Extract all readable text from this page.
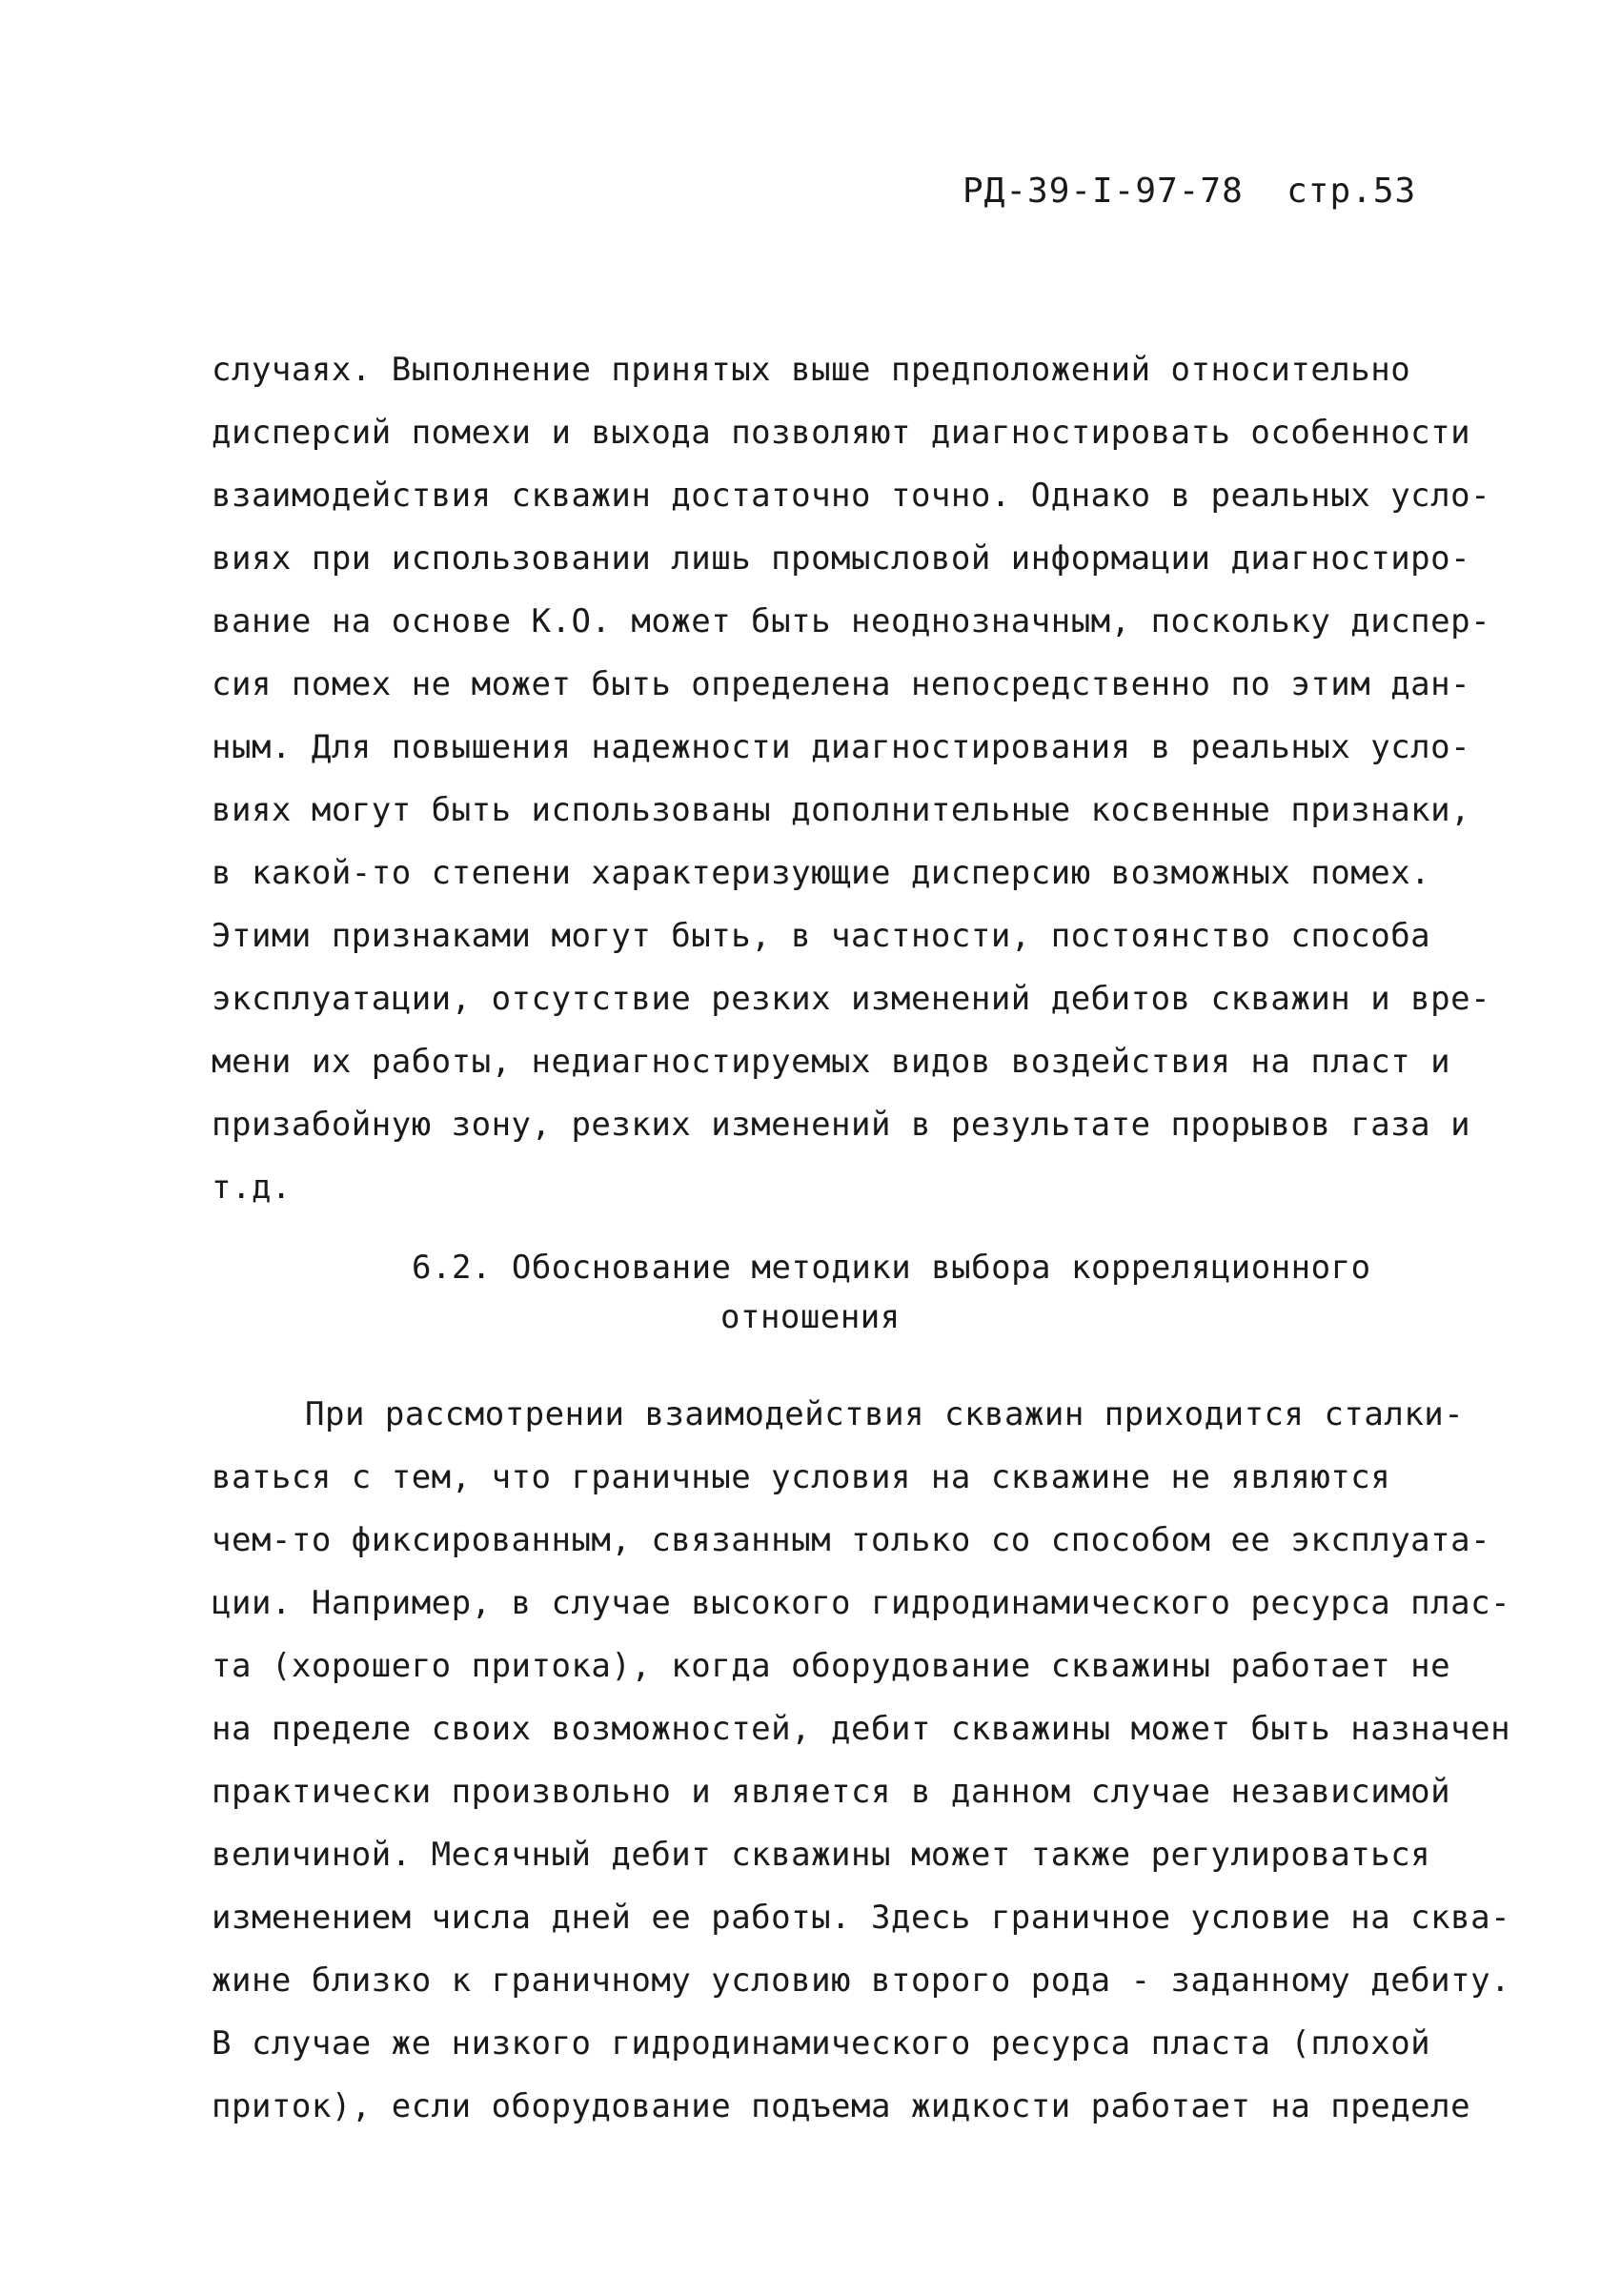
РД-39-I-97-78 стр.53
случаях. Выполнение принятых выше предположений относительно
дисперсий помехи и выхода позволяют диагностировать особенности
взаимодействия скважин достаточно точно. Однако в реальных усло-
виях при использовании лишь промысловой информации диагностиро-
вание на основе К.О. может быть неоднозначным, поскольку диспер-
сия помех не может быть определена непосредственно по этим дан-
ным. Для повышения надежности диагностирования в реальных усло-
виях могут быть использованы дополнительные косвенные признаки,
в какой-то степени характеризующие дисперсию возможных помех.
Этими признаками могут быть, в частности, постоянство способа
эксплуатации, отсутствие резких изменений дебитов скважин и вре-
мени их работы, недиагностируемых видов воздействия на пласт и
призабойную зону, резких изменений в результате прорывов газа и
т.д.
6.2. Обоснование методики выбора корреляционного
отношения
При рассмотрении взаимодействия скважин приходится сталки-
ваться с тем, что граничные условия на скважине не являются
чем-то фиксированным, связанным только со способом ее эксплуата-
ции. Например, в случае высокого гидродинамического ресурса плас-
та (хорошего притока), когда оборудование скважины работает не
на пределе своих возможностей, дебит скважины может быть назначен
практически произвольно и является в данном случае независимой
величиной. Месячный дебит скважины может также регулироваться
изменением числа дней ее работы. Здесь граничное условие на сква-
жине близко к граничному условию второго рода - заданному дебиту.
В случае же низкого гидродинамического ресурса пласта (плохой
приток), если оборудование подъема жидкости работает на пределе
